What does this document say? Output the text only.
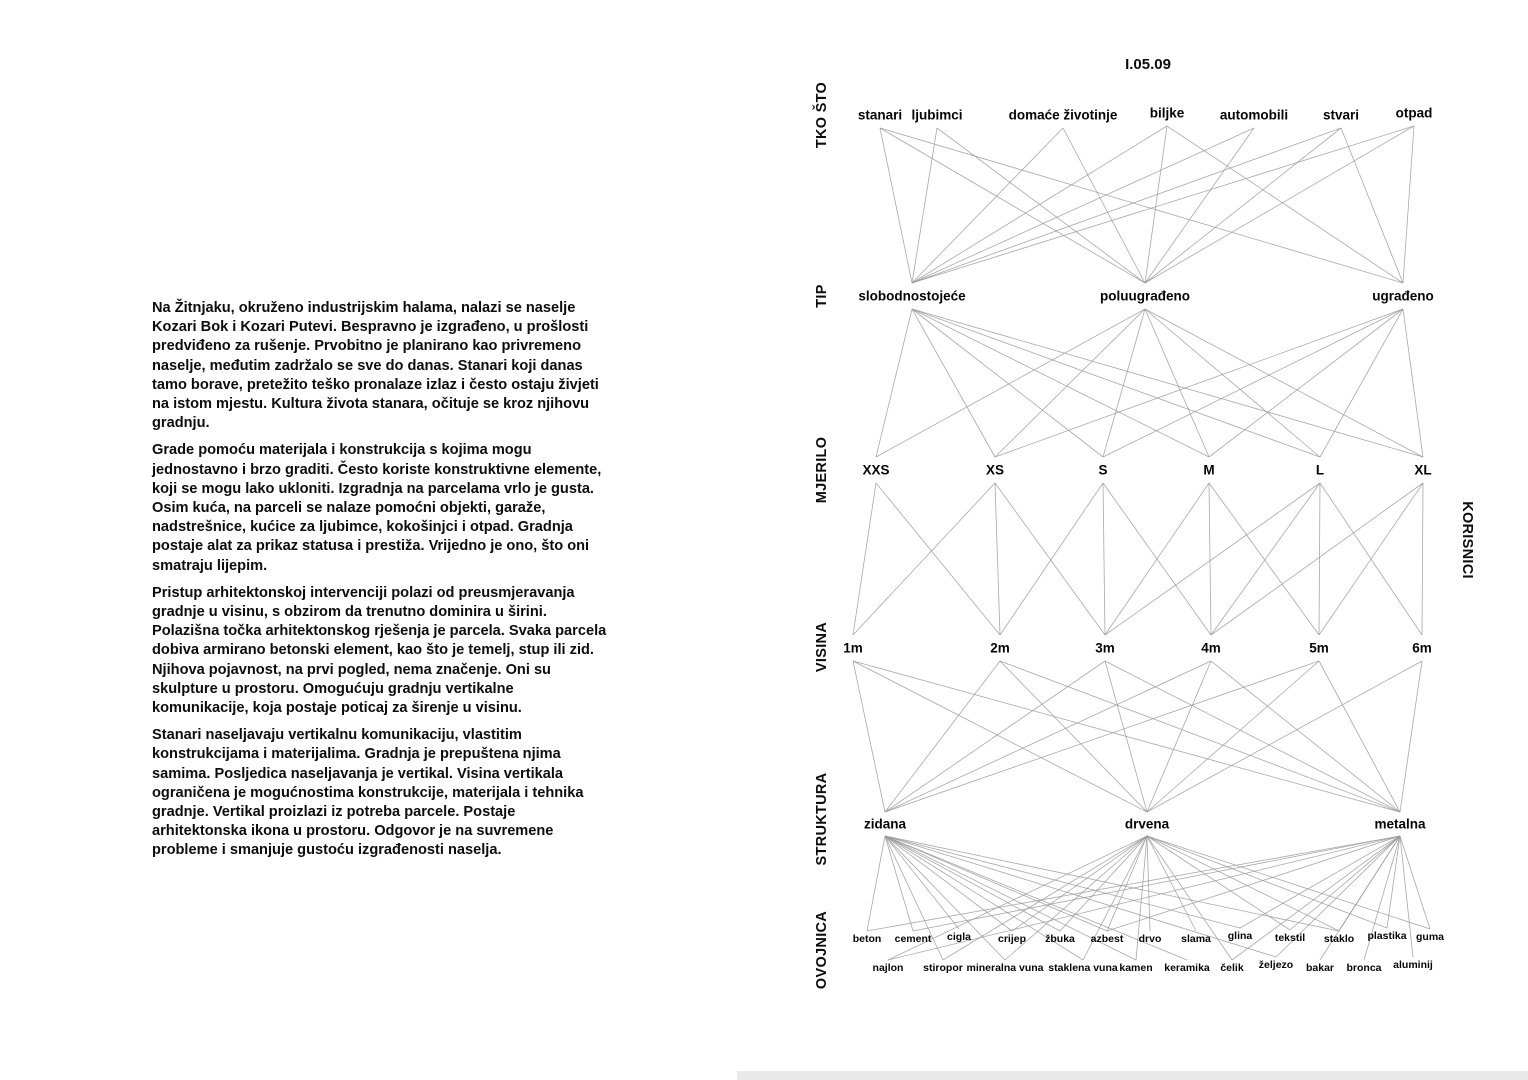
Na Žitnjaku, okruženo industrijskim halama, nalazi se naselje Kozari Bok i Kozari Putevi. Bespravno je izgrađeno, u prošlosti predviđeno za rušenje. Prvobitno je planirano kao privremeno naselje, međutim zadržalo se sve do danas. Stanari koji danas tamo borave, pretežito teško pronalaze izlaz i često ostaju živjeti na istom mjestu. Kultura života stanara, očituje se kroz njihovu gradnju.

Grade pomoću materijala i konstrukcija s kojima mogu jednostavno i brzo graditi. Često koriste konstruktivne elemente, koji se mogu lako ukloniti. Izgradnja na parcelama vrlo je gusta. Osim kuća, na parceli se nalaze pomoćni objekti, garaže, nadstrešnice, kućice za ljubimce, kokošinjci i otpad. Gradnja postaje alat za prikaz statusa i prestiža. Vrijedno je ono, što oni smatraju lijepim.

Pristup arhitektonskoj intervenciji polazi od preusmjeravanja gradnje u visinu, s obzirom da trenutno dominira u širini. Polazišna točka arhitektonskog rješenja je parcela. Svaka parcela dobiva armirano betonski element, kao što je temelj, stup ili zid. Njihova pojavnost, na prvi pogled, nema značenje. Oni su skulpture u prostoru. Omogućuju gradnju vertikalne komunikacije, koja postaje poticaj za širenje u visinu.

Stanari naseljavaju vertikalnu komunikaciju, vlastitim konstrukcijama i materijalima. Gradnja je prepuštena njima samima. Posljedica naseljavanja je vertikal. Visina vertikala ograničena je mogućnostima konstrukcije, materijala i tehnika gradnje. Vertikal proizlazi iz potreba parcele. Postaje arhitektonska ikona u prostoru. Odgovor je na suvremene probleme i smanjuje gustoću izgrađenosti naselja.

I.05.09
TKO ŠTO
TIP
MJERILO
VISINA
STRUKTURA
OVOJNICA
stanari ljubimci	domaće životinje biljke	automobili	stvari	otpad
slobodnostojeće	poluugrađeno	ugrađeno
XXS	XS	S	M	L	XL
1m	2m	3m	4m	5m	6m
zidana	drvena	metalna
beton cement cigla	crijep žbuka azbest drvo slama glina tekstil staklo plastika guma
najlon stiropor mineralna vuna staklena vuna kamen keramika čelik željezo bakar bronca aluminij
KORISNICI
